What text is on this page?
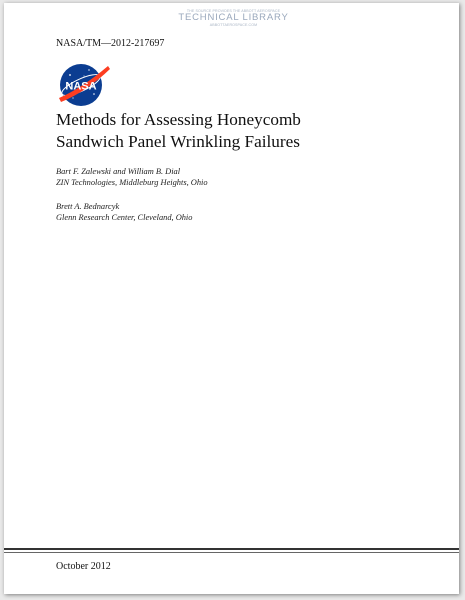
THE SOURCE PROVIDES THE ABBOTT AEROSPACE
TECHNICAL LIBRARY
ABBOTTAEROSPACE.COM
NASA/TM—2012-217697
NASA
Methods for Assessing Honeycomb
Sandwich Panel Wrinkling Failures
Bart F. Zalewski and William B. Dial
ZIN Technologies, Middleburg Heights, Ohio
Brett A. Bednarcyk
Glenn Research Center, Cleveland, Ohio
October 2012
